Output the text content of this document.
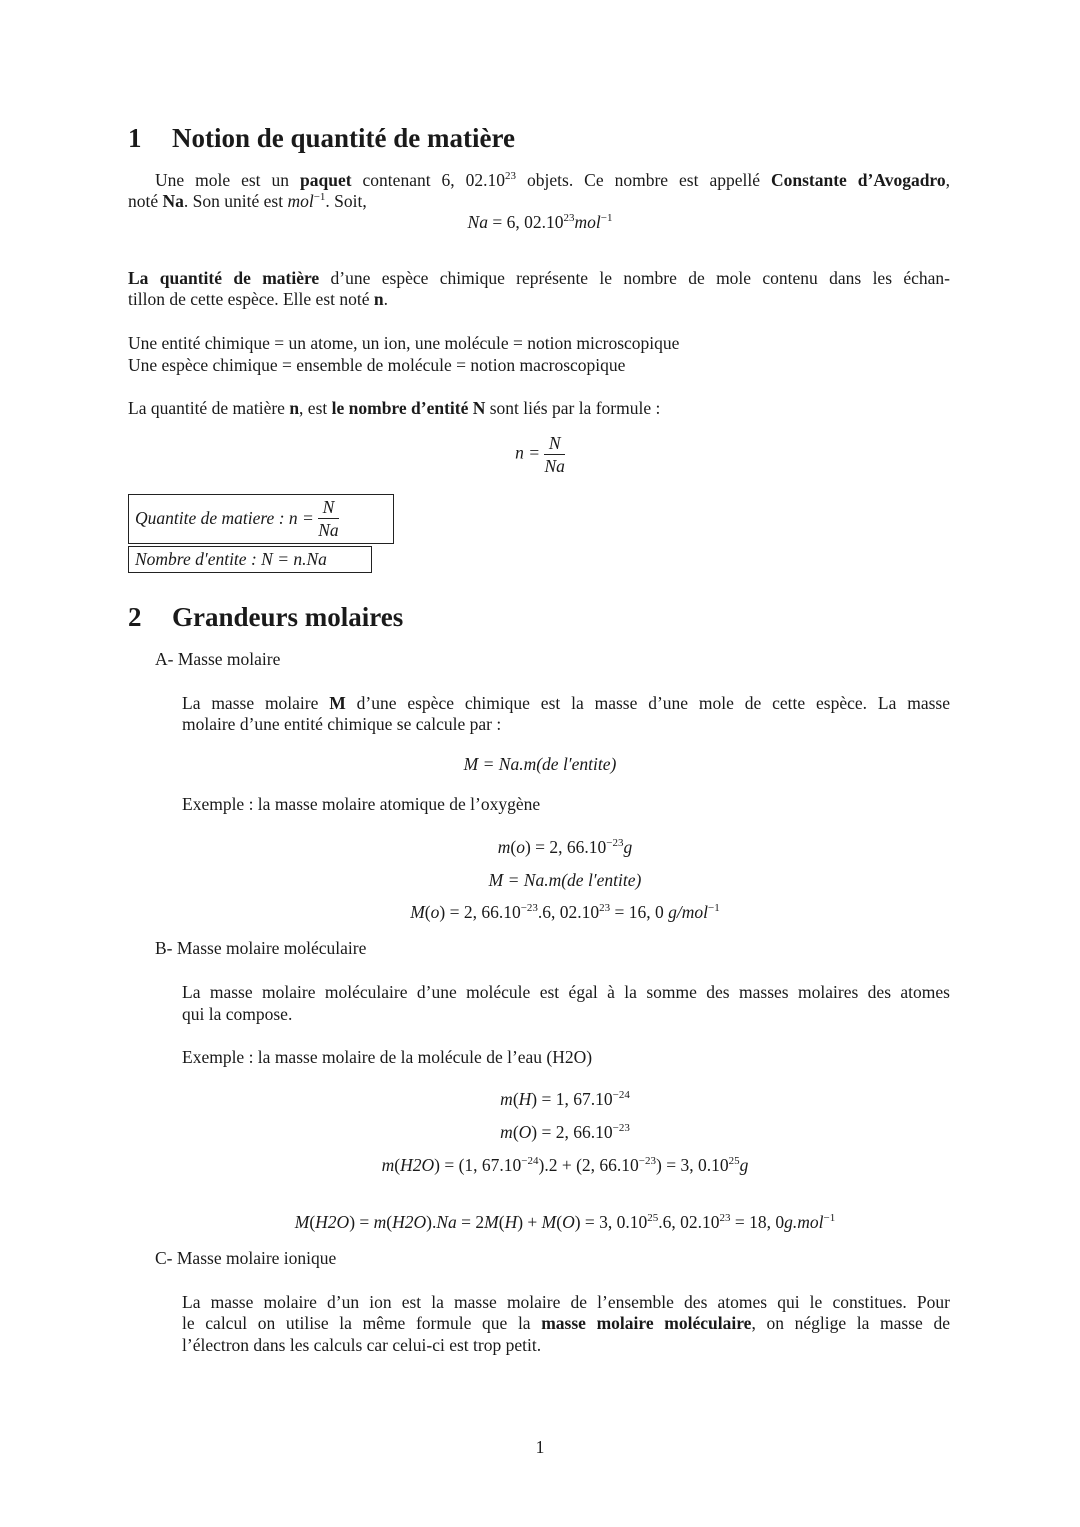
1 Notion de quantité de matière
Une mole est un paquet contenant 6, 02.10$^{23}$ objets. Ce nombre est appellé Constante d’Avogadro,
noté Na. Son unité est mol$^{-1}$. Soit,
Na = 6, 02.10$^{23}$mol$^{-1}$
La quantité de matière d’une espèce chimique représente le nombre de mole contenu dans les échan-
tillon de cette espèce. Elle est noté n.
Une entité chimique = un atome, un ion, une molécule = notion microscopique
Une espèce chimique = ensemble de molécule = notion macroscopique
La quantité de matière n, est le nombre d’entité N sont liés par la formule :
$n = \frac{N}{Na}$
Quantite de matiere : $n = \frac{N}{Na}$
Nombre d′entite : N = n.Na
2 Grandeurs molaires
A- Masse molaire
La masse molaire M d’une espèce chimique est la masse d’une mole de cette espèce. La masse
molaire d’une entité chimique se calcule par :
M = Na.m(de l′entite)
Exemple : la masse molaire atomique de l’oxygène
m(o) = 2, $66.10^{-23}g$
M = Na.m(de l′entite)
M(o) = 2, $66.10^{-23}.6$, $02.10^{23} = 16$, 0 g/mol$^{-1}$
B- Masse molaire moléculaire
La masse molaire moléculaire d’une molécule est égal à la somme des masses molaires des atomes
qui la compose.
Exemple : la masse molaire de la molécule de l’eau (H2O)
m(H) = 1, $67.10^{-24}$
m(O) = 2, $66.10^{-23}$
m(H2O) = (1, $67.10^{-24}).2 + (2$, $66.10^{-23}) = 3$, 0.10$^{25}$g
M(H2O) = m(H2O).Na = 2M(H) + M(O) = 3, 0.10$^{25}$.6, $02.10^{23} = 18$, 0g.mol$^{-1}$
C- Masse molaire ionique
La masse molaire d’un ion est la masse molaire de l’ensemble des atomes qui le constitues. Pour
le calcul on utilise la même formule que la masse molaire moléculaire, on néglige la masse de
l’électron dans les calculs car celui-ci est trop petit.
1
